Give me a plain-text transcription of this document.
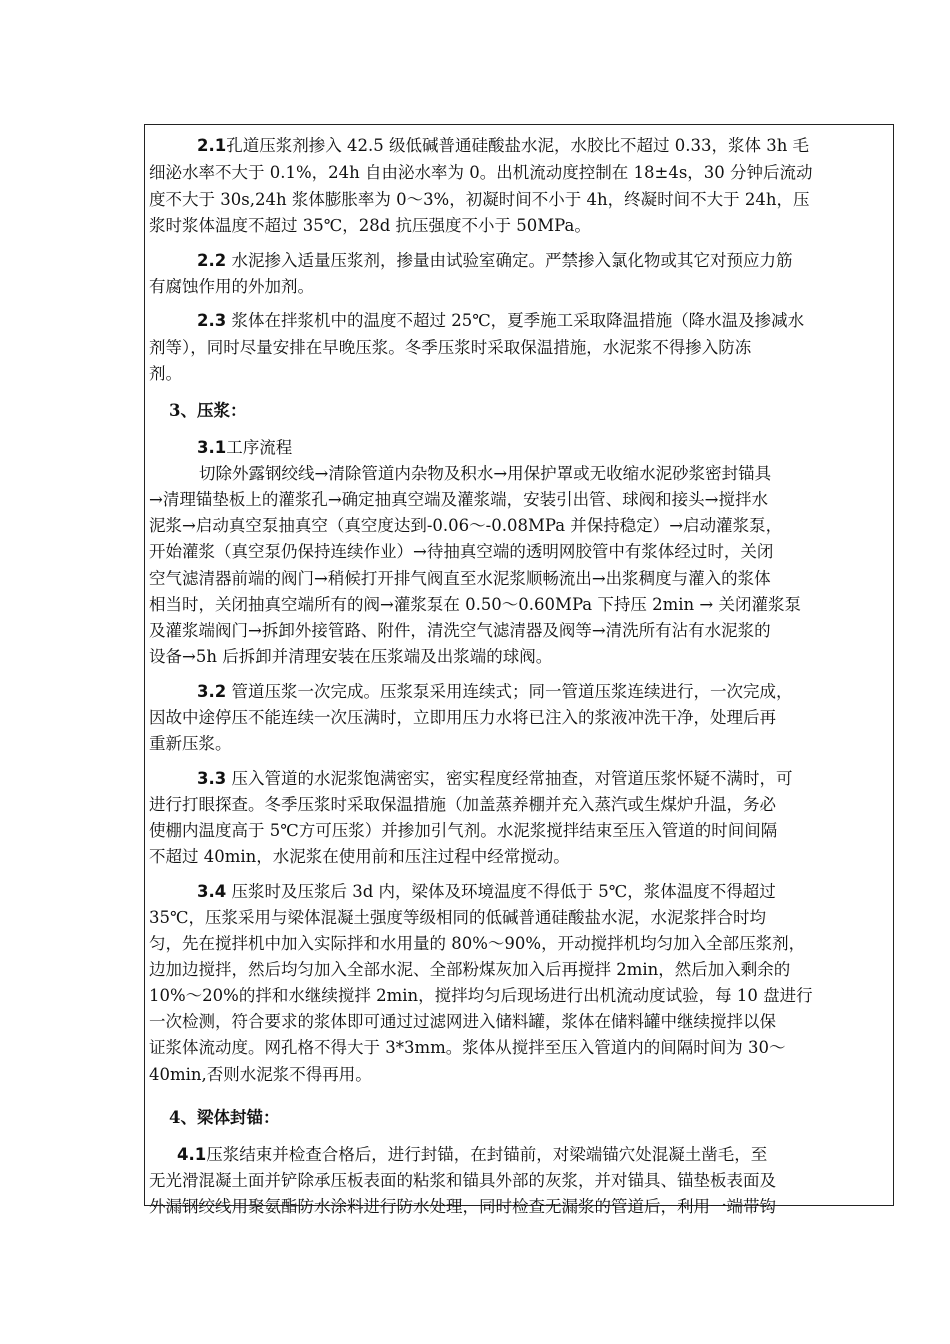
2.1孔道压浆剂掺入 42.5 级低碱普通硅酸盐水泥，水胶比不超过 0.33，浆体 3h 毛
细泌水率不大于 0.1%，24h 自由泌水率为 0。出机流动度控制在 18±4s，30 分钟后流动
度不大于 30s,24h 浆体膨胀率为 0～3%，初凝时间不小于 4h，终凝时间不大于 24h，压
浆时浆体温度不超过 35℃，28d 抗压强度不小于 50MPa。
2.2 水泥掺入适量压浆剂，掺量由试验室确定。严禁掺入氯化物或其它对预应力筋
有腐蚀作用的外加剂。
2.3 浆体在拌浆机中的温度不超过 25℃，夏季施工采取降温措施（降水温及掺减水
剂等），同时尽量安排在早晚压浆。冬季压浆时采取保温措施，水泥浆不得掺入防冻
剂。
3、压浆：
3.1工序流程
切除外露钢绞线→清除管道内杂物及积水→用保护罩或无收缩水泥砂浆密封锚具
→清理锚垫板上的灌浆孔→确定抽真空端及灌浆端，安装引出管、球阀和接头→搅拌水
泥浆→启动真空泵抽真空（真空度达到-0.06～-0.08MPa 并保持稳定）→启动灌浆泵，
开始灌浆（真空泵仍保持连续作业）→待抽真空端的透明网胶管中有浆体经过时，关闭
空气滤清器前端的阀门→稍候打开排气阀直至水泥浆顺畅流出→出浆稠度与灌入的浆体
相当时，关闭抽真空端所有的阀→灌浆泵在 0.50～0.60MPa 下持压 2min → 关闭灌浆泵
及灌浆端阀门→拆卸外接管路、附件，清洗空气滤清器及阀等→清洗所有沾有水泥浆的
设备→5h 后拆卸并清理安装在压浆端及出浆端的球阀。
3.2 管道压浆一次完成。压浆泵采用连续式；同一管道压浆连续进行，一次完成，
因故中途停压不能连续一次压满时，立即用压力水将已注入的浆液冲洗干净，处理后再
重新压浆。
3.3 压入管道的水泥浆饱满密实，密实程度经常抽查，对管道压浆怀疑不满时，可
进行打眼探查。冬季压浆时采取保温措施（加盖蒸养棚并充入蒸汽或生煤炉升温，务必
使棚内温度高于 5℃方可压浆）并掺加引气剂。水泥浆搅拌结束至压入管道的时间间隔
不超过 40min，水泥浆在使用前和压注过程中经常搅动。
3.4 压浆时及压浆后 3d 内，梁体及环境温度不得低于 5℃，浆体温度不得超过
35℃，压浆采用与梁体混凝土强度等级相同的低碱普通硅酸盐水泥，水泥浆拌合时均
匀，先在搅拌机中加入实际拌和水用量的 80%～90%，开动搅拌机均匀加入全部压浆剂，
边加边搅拌，然后均匀加入全部水泥、全部粉煤灰加入后再搅拌 2min，然后加入剩余的
10%～20%的拌和水继续搅拌 2min，搅拌均匀后现场进行出机流动度试验，每 10 盘进行
一次检测，符合要求的浆体即可通过过滤网进入储料罐，浆体在储料罐中继续搅拌以保
证浆体流动度。网孔格不得大于 3*3mm。浆体从搅拌至压入管道内的间隔时间为 30～
40min,否则水泥浆不得再用。
4、梁体封锚：
4.1压浆结束并检查合格后，进行封锚，在封锚前，对梁端锚穴处混凝土凿毛，至
无光滑混凝土面并铲除承压板表面的粘浆和锚具外部的灰浆，并对锚具、锚垫板表面及
外漏钢绞线用聚氨酯防水涂料进行防水处理，同时检查无漏浆的管道后，利用一端带钩
